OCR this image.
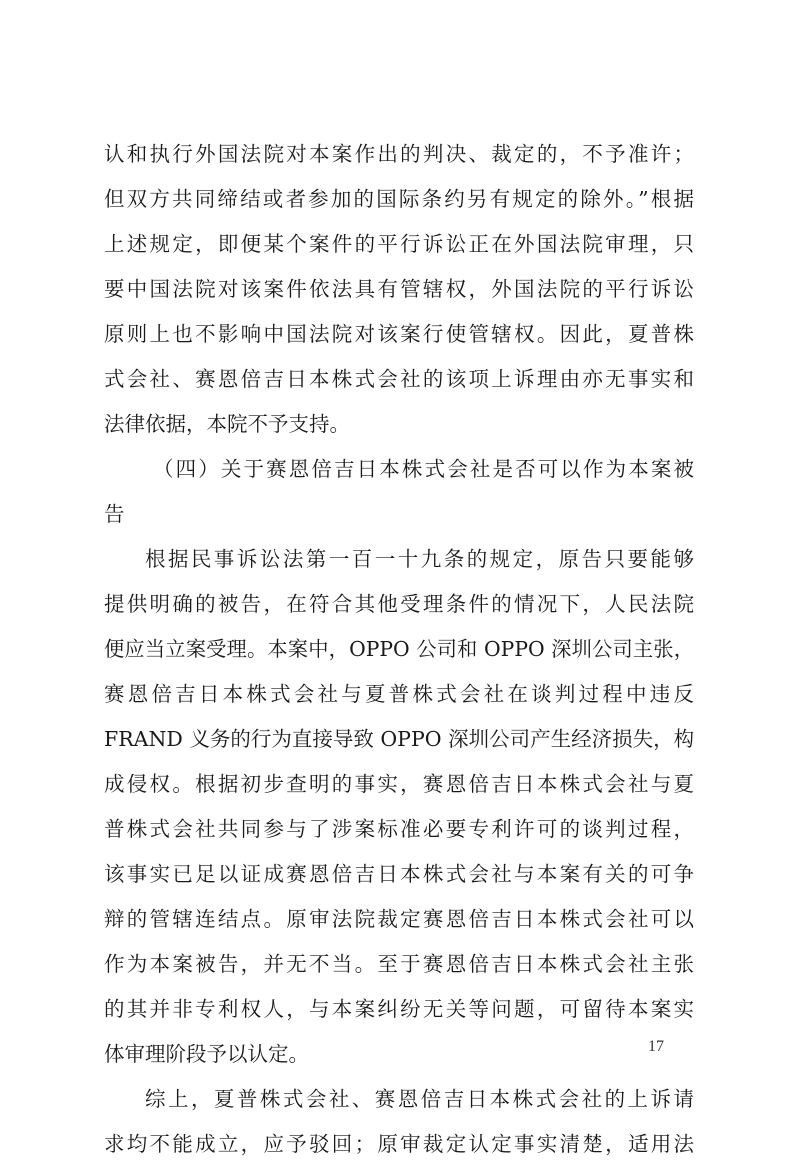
认和执行外国法院对本案作出的判决、裁定的，不予准许；
但双方共同缔结或者参加的国际条约另有规定的除外。”根据
上述规定，即便某个案件的平行诉讼正在外国法院审理，只
要中国法院对该案件依法具有管辖权，外国法院的平行诉讼
原则上也不影响中国法院对该案行使管辖权。因此，夏普株
式会社、赛恩倍吉日本株式会社的该项上诉理由亦无事实和
法律依据，本院不予支持。
（四）关于赛恩倍吉日本株式会社是否可以作为本案被
告
根据民事诉讼法第一百一十九条的规定，原告只要能够
提供明确的被告，在符合其他受理条件的情况下，人民法院
便应当立案受理。本案中，OPPO 公司和 OPPO 深圳公司主张，
赛恩倍吉日本株式会社与夏普株式会社在谈判过程中违反
FRAND 义务的行为直接导致 OPPO 深圳公司产生经济损失，构
成侵权。根据初步查明的事实，赛恩倍吉日本株式会社与夏
普株式会社共同参与了涉案标准必要专利许可的谈判过程，
该事实已足以证成赛恩倍吉日本株式会社与本案有关的可争
辩的管辖连结点。原审法院裁定赛恩倍吉日本株式会社可以
作为本案被告，并无不当。至于赛恩倍吉日本株式会社主张
的其并非专利权人，与本案纠纷无关等问题，可留待本案实
体审理阶段予以认定。
综上，夏普株式会社、赛恩倍吉日本株式会社的上诉请
求均不能成立，应予驳回；原审裁定认定事实清楚，适用法
17
